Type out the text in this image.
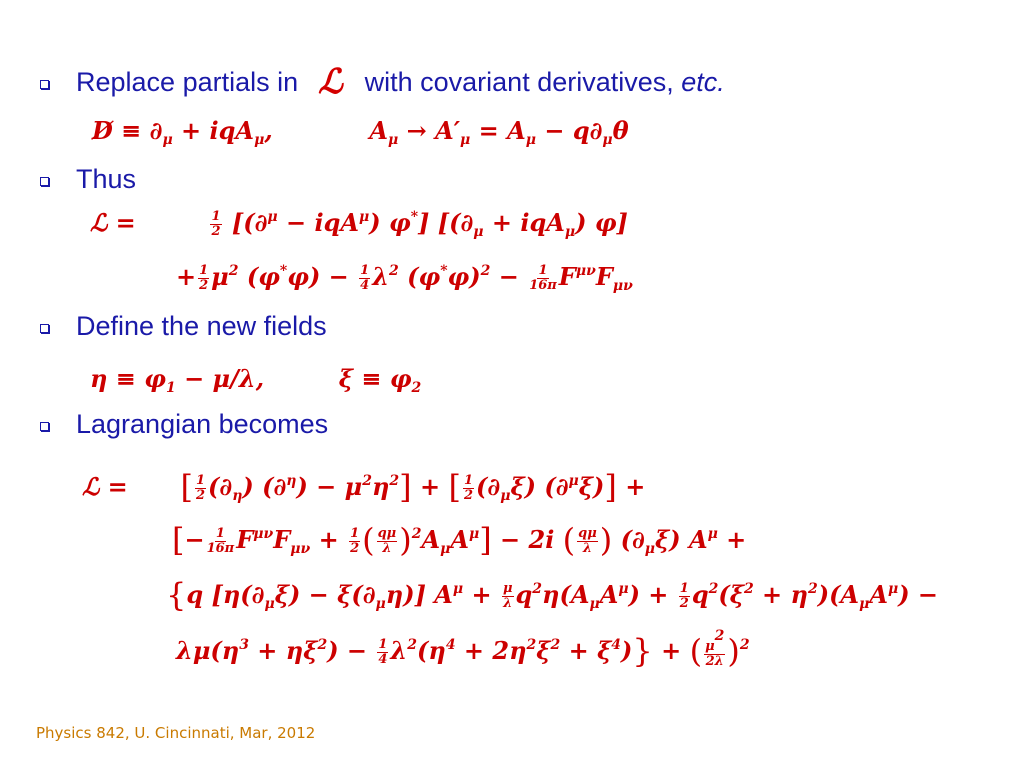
Replace partials in ℒ with covariant derivatives,
etc.
D̸ ≡ $\partial_\mu + iqA_\mu$,	$A_\mu \to A'_\mu = A_\mu - q\partial_\mu\theta$
Thus
ℒ =	$\frac{1}{2} [(\partial^\mu - iqA^\mu)$ φ*] [$(\partial_\mu + iqA_\mu)$ φ]
+ $\frac{1}{2} \mu^2$ $(\varphi^*\varphi) - \frac{1}{4} \lambda^2$ $(\varphi^*\varphi)^2 - \frac{1}{16\pi} F^{\mu\nu}F_{\mu\nu}$
Define the new fields
$\eta \equiv \varphi_1 - \mu/\lambda$,  $\xi \equiv \varphi_2$
Lagrangian becomes
ℒ =  [ $\frac{1}{2} (\partial_\eta) (\partial^\eta) - \mu^2\eta^2$] + [ $\frac{1}{2} (\partial_\mu\xi) (\partial^\mu\xi)$] +
[− $\frac{1}{16\pi} F^{\mu\nu}F_{\mu\nu} + \frac{1}{2}$ ( $\frac{q\mu}{\lambda} )^2A_\mu A^\mu] - 2i$ ( $\frac{q\mu}{\lambda}$ ) $(\partial_\mu\xi) A^\mu$ +
{q $[\eta(\partial_\mu\xi) - \xi(\partial_\mu\eta)] A^\mu + \frac{\mu}{\lambda} q^2\eta(A_\mu A^\mu) + \frac{1}{2} q^2(\xi^2 + \eta^2)(A_\mu A^\mu)$ −
$\lambda\mu(\eta^3 + \eta\xi^2) - \frac{1}{4} \lambda^2(\eta^4 + 2\eta^2\xi^2 + \xi^4)$} + ( $\frac{\mu^2}{2\lambda} )^2$
Physics 842, U. Cincinnati, Mar, 2012
